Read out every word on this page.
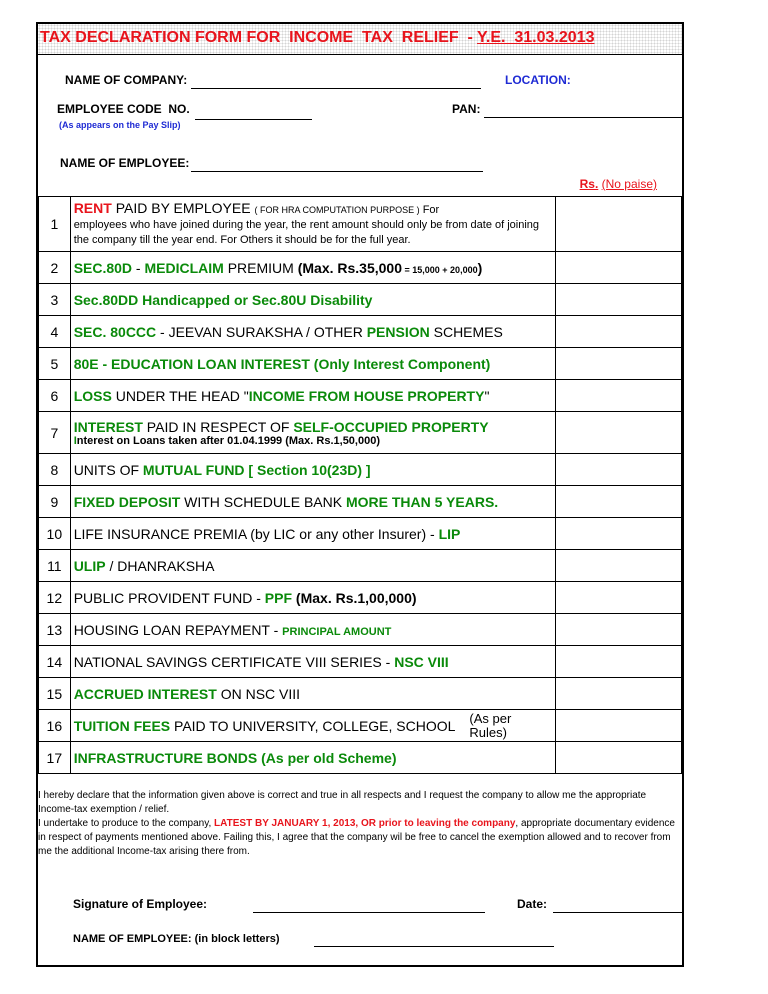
TAX DECLARATION FORM FOR  INCOME  TAX  RELIEF  - Y.E.  31.03.2013
NAME OF COMPANY:	LOCATION:
EMPLOYEE CODE  NO.
(As appears on the Pay Slip)
PAN:
NAME OF EMPLOYEE:
Rs. (No paise)
1	RENT PAID BY EMPLOYEE ( FOR HRA COMPUTATION PURPOSE ) For
employees who have joined during the year, the rent amount should only be from date of joining the company till the year end. For Others it should be for the full year.	

2	SEC.80D - MEDICLAIM PREMIUM (Max. Rs.35,000 = 15,000 + 20,000)	
3	Sec.80DD Handicapped or Sec.80U Disability	
4	SEC. 80CCC - JEEVAN SURAKSHA / OTHER PENSION SCHEMES	
5	80E - EDUCATION LOAN INTEREST (Only Interest Component)	
6	LOSS UNDER THE HEAD "INCOME FROM HOUSE PROPERTY"	
7	INTEREST PAID IN RESPECT OF SELF-OCCUPIED PROPERTY
Interest on Loans taken after 01.04.1999 (Max. Rs.1,50,000)	

8	UNITS OF MUTUAL FUND [ Section 10(23D) ]	
9	FIXED DEPOSIT WITH SCHEDULE BANK MORE THAN 5 YEARS.	
10	LIFE INSURANCE PREMIA (by LIC or any other Insurer) - LIP	
11	ULIP / DHANRAKSHA	
12	PUBLIC PROVIDENT FUND - PPF (Max. Rs.1,00,000)	
13	HOUSING LOAN REPAYMENT - PRINCIPAL AMOUNT	
14	NATIONAL SAVINGS CERTIFICATE VIII SERIES - NSC VIII	
15	ACCRUED INTEREST ON NSC VIII	
16	TUITION FEES PAID TO UNIVERSITY, COLLEGE, SCHOOL (As per
Rules)	

17	INFRASTRUCTURE BONDS (As per old Scheme)	

I hereby declare that the information given above is correct and true in all respects and I request the company to allow me the appropriate Income-tax exemption / relief.

I undertake to produce to the company, LATEST BY JANUARY 1, 2013, OR prior to leaving the company, appropriate documentary evidence in respect of payments mentioned above. Failing this, I agree that the company wil be free to cancel the exemption allowed and to recover from me the additional Income-tax arising there from.

Signature of Employee:	Date:
NAME OF EMPLOYEE: (in block letters)
